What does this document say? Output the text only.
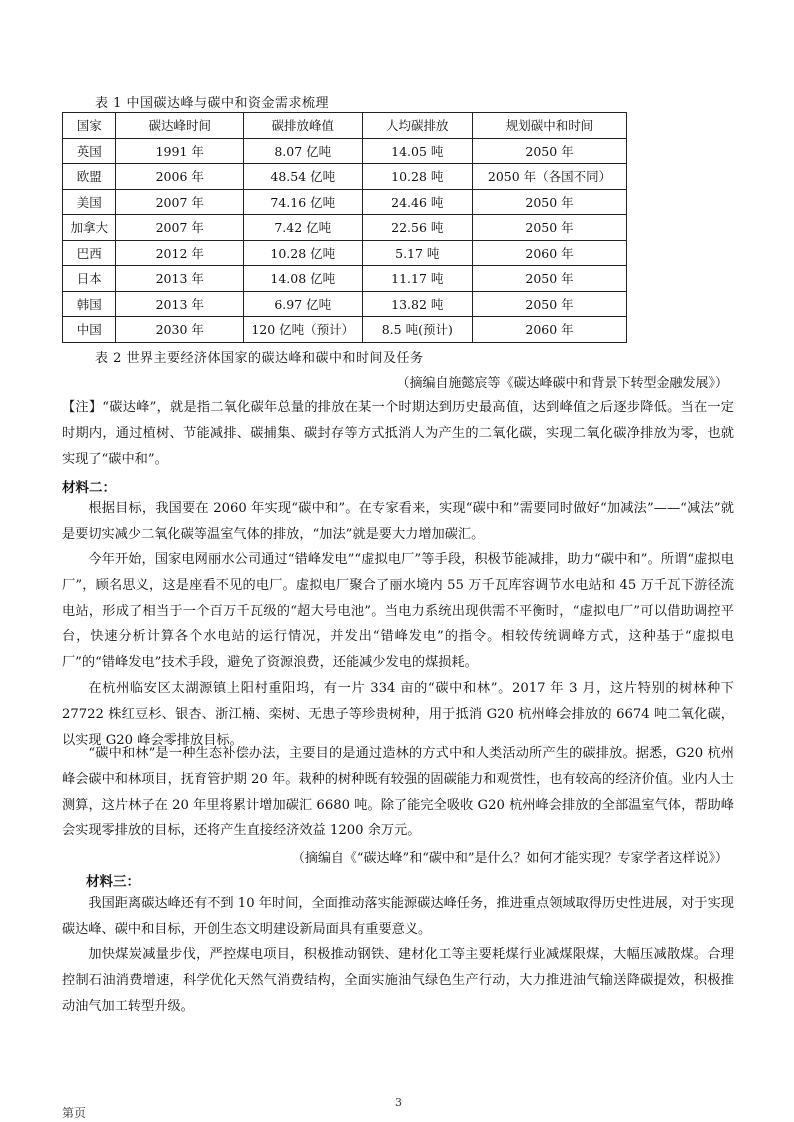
表 1 中国碳达峰与碳中和资金需求梳理
国家	碳达峰时间	碳排放峰值	人均碳排放	规划碳中和时间
英国	1991 年	8.07 亿吨	14.05 吨	2050 年
欧盟	2006 年	48.54 亿吨	10.28 吨	2050 年（各国不同）
美国	2007 年	74.16 亿吨	24.46 吨	2050 年
加拿大	2007 年	7.42 亿吨	22.56 吨	2050 年
巴西	2012 年	10.28 亿吨	5.17 吨	2060 年
日本	2013 年	14.08 亿吨	11.17 吨	2050 年
韩国	2013 年	6.97 亿吨	13.82 吨	2050 年
中国	2030 年	120 亿吨（预计）	8.5 吨(预计)	2060 年
表 2 世界主要经济体国家的碳达峰和碳中和时间及任务
（摘编自施懿宸等《碳达峰碳中和背景下转型金融发展》）

【注】“碳达峰”，就是指二氧化碳年总量的排放在某一个时期达到历史最高值，达到峰值之后逐步降低。当在一定时期内，通过植树、节能减排、碳捕集、碳封存等方式抵消人为产生的二氧化碳，实现二氧化碳净排放为零，也就实现了“碳中和”。

材料二：

根据目标，我国要在 2060 年实现“碳中和”。在专家看来，实现“碳中和”需要同时做好“加减法”——“减法”就是要切实减少二氧化碳等温室气体的排放，“加法”就是要大力增加碳汇。

今年开始，国家电网丽水公司通过“错峰发电”“虚拟电厂”等手段，积极节能减排，助力“碳中和”。所谓“虚拟电厂”，顾名思义，这是座看不见的电厂。虚拟电厂聚合了丽水境内 55 万千瓦库容调节水电站和 45 万千瓦下游径流电站，形成了相当于一个百万千瓦级的“超大号电池”。当电力系统出现供需不平衡时，“虚拟电厂”可以借助调控平台，快速分析计算各个水电站的运行情况，并发出“错峰发电”的指令。相较传统调峰方式，这种基于“虚拟电厂”的“错峰发电”技术手段，避免了资源浪费，还能减少发电的煤损耗。

在杭州临安区太湖源镇上阳村重阳坞，有一片 334 亩的“碳中和林”。2017 年 3 月，这片特别的树林种下 27722 株红豆杉、银杏、浙江楠、栾树、无患子等珍贵树种，用于抵消 G20 杭州峰会排放的 6674 吨二氧化碳，以实现 G20 峰会零排放目标。

“碳中和林”是一种生态补偿办法，主要目的是通过造林的方式中和人类活动所产生的碳排放。据悉，G20 杭州峰会碳中和林项目，抚育管护期 20 年。栽种的树种既有较强的固碳能力和观赏性，也有较高的经济价值。业内人士测算，这片林子在 20 年里将累计增加碳汇 6680 吨。除了能完全吸收 G20 杭州峰会排放的全部温室气体，帮助峰会实现零排放的目标，还将产生直接经济效益 1200 余万元。

（摘编自《“碳达峰”和“碳中和”是什么？如何才能实现？专家学者这样说》）

材料三：

我国距离碳达峰还有不到 10 年时间，全面推动落实能源碳达峰任务，推进重点领域取得历史性进展，对于实现碳达峰、碳中和目标，开创生态文明建设新局面具有重要意义。

加快煤炭减量步伐，严控煤电项目，积极推动钢铁、建材化工等主要耗煤行业减煤限煤，大幅压减散煤。合理控制石油消费增速，科学优化天然气消费结构，全面实施油气绿色生产行动，大力推进油气输送降碳提效，积极推动油气加工转型升级。

3
第页
